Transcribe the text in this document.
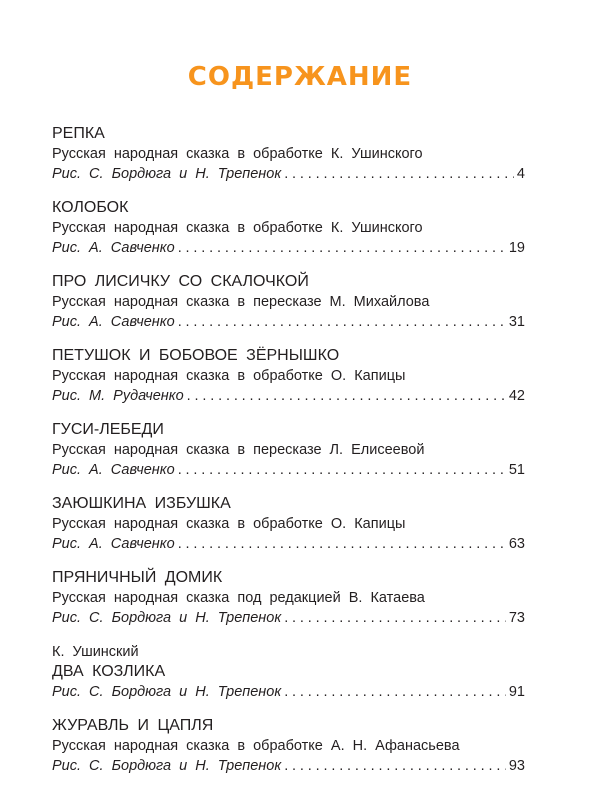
СОДЕРЖАНИЕ
РЕПКА
Русская народная сказка в обработке К. Ушинского
Рис. С. Бордюга и Н. Трепенок . . .	4
КОЛОБОК
Русская народная сказка в обработке К. Ушинского
Рис. А. Савченко . . .	19
ПРО ЛИСИЧКУ СО СКАЛОЧКОЙ
Русская народная сказка в пересказе М. Михайлова
Рис. А. Савченко . . .	31
ПЕТУШОК И БОБОВОЕ ЗЁРНЫШКО
Русская народная сказка в обработке О. Капицы
Рис. М. Рудаченко . . .	42
ГУСИ-ЛЕБЕДИ
Русская народная сказка в пересказе Л. Елисеевой
Рис. А. Савченко . . .	51
ЗАЮШКИНА ИЗБУШКА
Русская народная сказка в обработке О. Капицы
Рис. А. Савченко . . .	63
ПРЯНИЧНЫЙ ДОМИК
Русская народная сказка под редакцией В. Катаева
Рис. С. Бордюга и Н. Трепенок . . .	73
К. Ушинский
ДВА КОЗЛИКА
Рис. С. Бордюга и Н. Трепенок . . .	91
ЖУРАВЛЬ И ЦАПЛЯ
Русская народная сказка в обработке А. Н. Афанасьева
Рис. С. Бордюга и Н. Трепенок . . .	93
